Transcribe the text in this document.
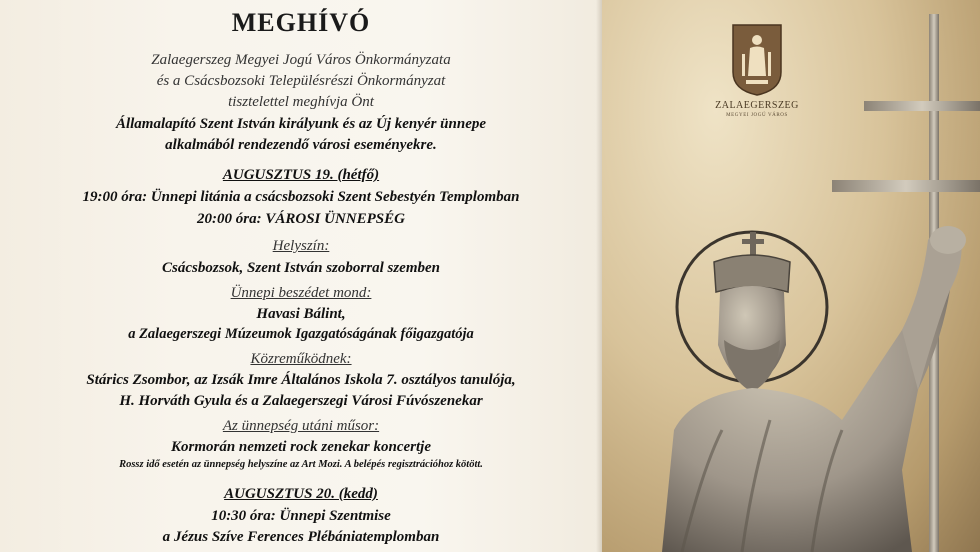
MEGHÍVÓ
Zalaegerszeg Megyei Jogú Város Önkormányzata
és a Csácsbozsoki Településrészi Önkormányzat
tisztelettel meghívja Önt
Államalapító Szent István királyunk és az Új kenyér ünnepe
alkalmából rendezendő városi eseményekre.
AUGUSZTUS 19. (hétfő)
19:00 óra: Ünnepi litánia a csácsbozsoki Szent Sebestyén Templomban
20:00 óra: VÁROSI ÜNNEPSÉG
Helyszín:
Csácsbozsok, Szent István szoborral szemben
Ünnepi beszédet mond:
Havasi Bálint,
a Zalaegerszegi Múzeumok Igazgatóságának főigazgatója
Közreműködnek:
Stárics Zsombor, az Izsák Imre Általános Iskola 7. osztályos tanulója,
H. Horváth Gyula és a Zalaegerszegi Városi Fúvószenekar
Az ünnepség utáni műsor:
Kormorán nemzeti rock zenekar koncertje
Rossz idő esetén az ünnepség helyszíne az Art Mozi. A belépés regisztrációhoz kötött.
AUGUSZTUS 20. (kedd)
10:30 óra: Ünnepi Szentmise
a Jézus Szíve Ferences Plébániatemplomban
ZALAEGERSZEG
MEGYEI JOGÚ VÁROS
